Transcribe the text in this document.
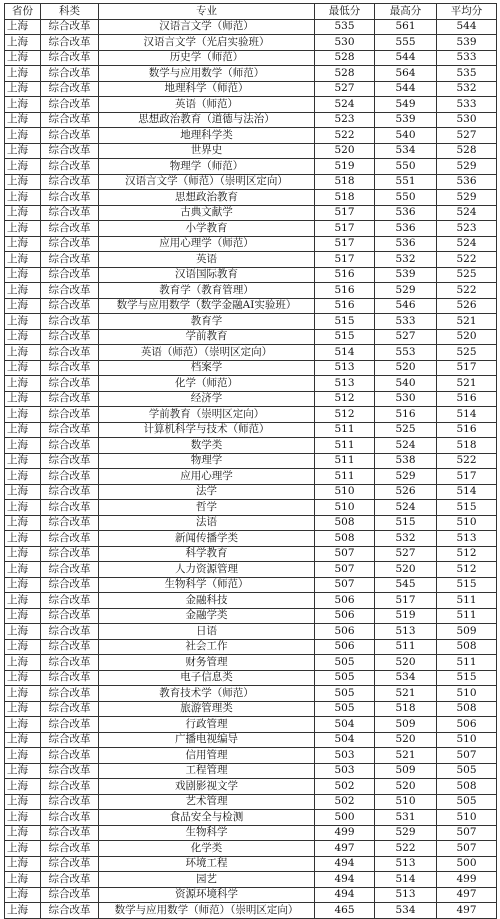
省份	科类	专业	最低分	最高分	平均分
上海	综合改革	汉语言文学（师范）	535	561	544
上海	综合改革	汉语言文学（光启实验班）	530	555	539
上海	综合改革	历史学（师范）	528	544	533
上海	综合改革	数学与应用数学（师范）	528	564	535
上海	综合改革	地理科学（师范）	527	544	532
上海	综合改革	英语（师范）	524	549	533
上海	综合改革	思想政治教育（道德与法治）	523	539	530
上海	综合改革	地理科学类	522	540	527
上海	综合改革	世界史	520	534	528
上海	综合改革	物理学（师范）	519	550	529
上海	综合改革	汉语言文学（师范）（崇明区定向）	518	551	536
上海	综合改革	思想政治教育	518	550	529
上海	综合改革	古典文献学	517	536	524
上海	综合改革	小学教育	517	536	523
上海	综合改革	应用心理学（师范）	517	536	524
上海	综合改革	英语	517	532	522
上海	综合改革	汉语国际教育	516	539	525
上海	综合改革	教育学（教育管理）	516	529	522
上海	综合改革	数学与应用数学（数学金融AI实验班）	516	546	526
上海	综合改革	教育学	515	533	521
上海	综合改革	学前教育	515	527	520
上海	综合改革	英语（师范）（崇明区定向）	514	553	525
上海	综合改革	档案学	513	520	517
上海	综合改革	化学（师范）	513	540	521
上海	综合改革	经济学	512	530	516
上海	综合改革	学前教育（崇明区定向）	512	516	514
上海	综合改革	计算机科学与技术（师范）	511	525	516
上海	综合改革	数学类	511	524	518
上海	综合改革	物理学	511	538	522
上海	综合改革	应用心理学	511	529	517
上海	综合改革	法学	510	526	514
上海	综合改革	哲学	510	524	515
上海	综合改革	法语	508	515	510
上海	综合改革	新闻传播学类	508	532	513
上海	综合改革	科学教育	507	527	512
上海	综合改革	人力资源管理	507	520	512
上海	综合改革	生物科学（师范）	507	545	515
上海	综合改革	金融科技	506	517	511
上海	综合改革	金融学类	506	519	511
上海	综合改革	日语	506	513	509
上海	综合改革	社会工作	506	511	508
上海	综合改革	财务管理	505	520	511
上海	综合改革	电子信息类	505	534	515
上海	综合改革	教育技术学（师范）	505	521	510
上海	综合改革	旅游管理类	505	518	508
上海	综合改革	行政管理	504	509	506
上海	综合改革	广播电视编导	504	520	510
上海	综合改革	信用管理	503	521	507
上海	综合改革	工程管理	503	509	505
上海	综合改革	戏剧影视文学	502	520	508
上海	综合改革	艺术管理	502	510	505
上海	综合改革	食品安全与检测	500	531	510
上海	综合改革	生物科学	499	529	507
上海	综合改革	化学类	497	522	507
上海	综合改革	环境工程	494	513	500
上海	综合改革	园艺	494	514	499
上海	综合改革	资源环境科学	494	513	497
上海	综合改革	数学与应用数学（师范）（崇明区定向）	465	534	497
